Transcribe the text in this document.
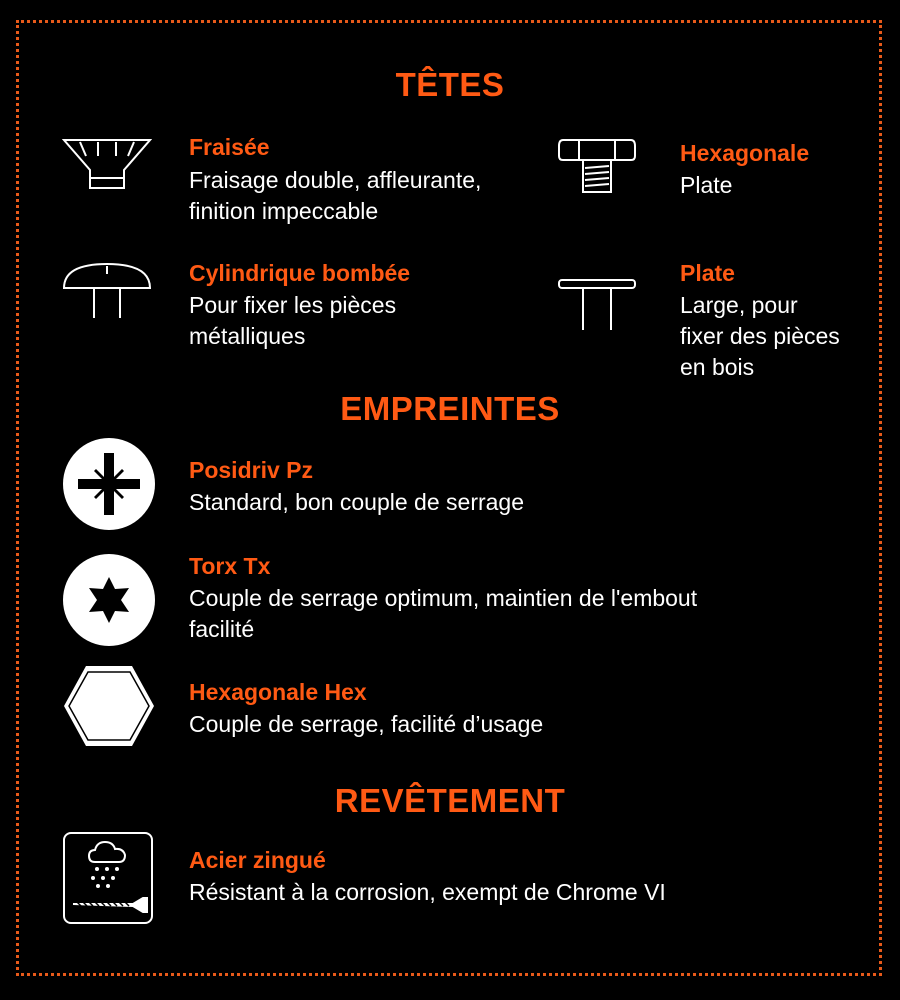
TÊTES
Fraisée
Fraisage double, affleurante,
finition impeccable
Hexagonale
Plate
Cylindrique bombée
Pour fixer les pièces
métalliques
Plate
Large, pour
fixer des pièces
en bois
EMPREINTES
Posidriv Pz
Standard, bon couple de serrage
Torx Tx
Couple de serrage optimum, maintien de l'embout
facilité
Hexagonale Hex
Couple de serrage, facilité d’usage
REVÊTEMENT
Acier zingué
Résistant à la corrosion, exempt de Chrome VI
